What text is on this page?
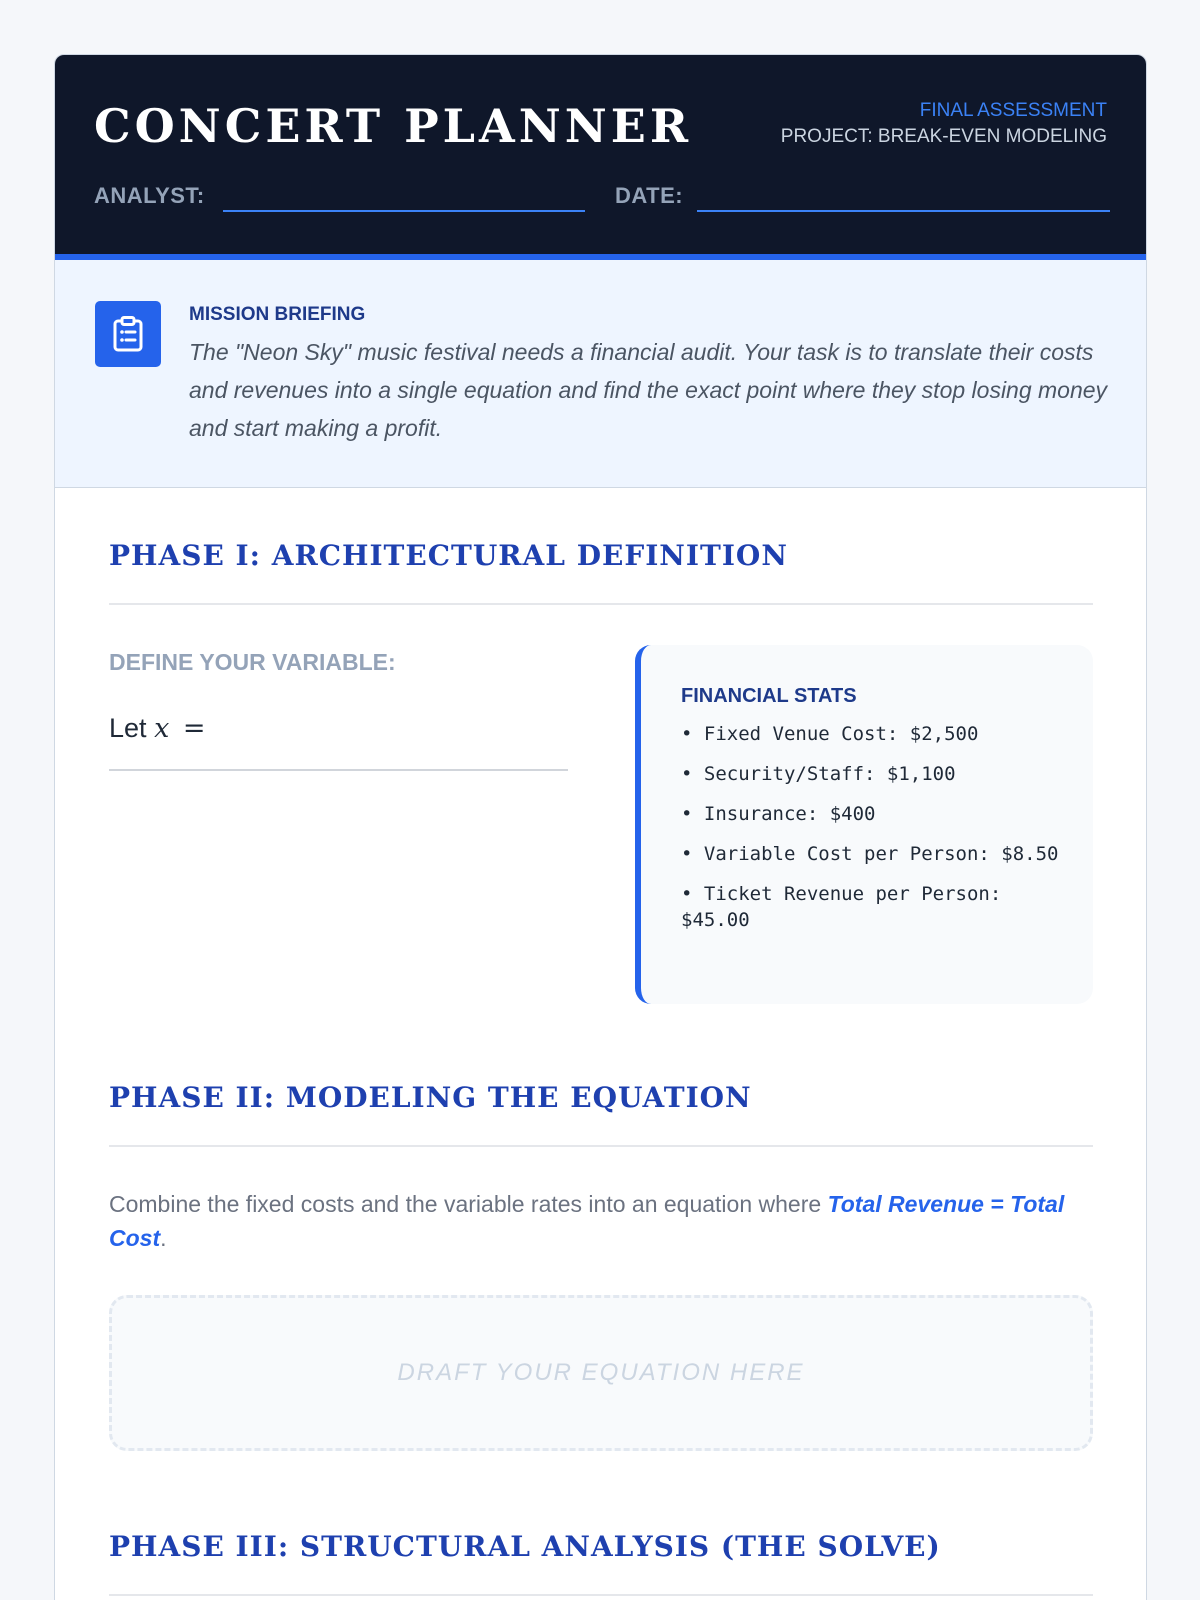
CONCERT PLANNER	FINAL ASSESSMENT
PROJECT: BREAK-EVEN MODELING
ANALYST:	DATE:
MISSION BRIEFING
The "Neon Sky" music festival needs a financial audit. Your task is to translate their costs and revenues into a single equation and find the exact point where they stop losing money and start making a profit.
PHASE I: ARCHITECTURAL DEFINITION
DEFINE YOUR VARIABLE:
Let x =
FINANCIAL STATS
• Fixed Venue Cost: $2,500
• Security/Staff: $1,100
• Insurance: $400
• Variable Cost per Person: $8.50
• Ticket Revenue per Person: $45.00
PHASE II: MODELING THE EQUATION
Combine the fixed costs and the variable rates into an equation where Total Revenue = Total Cost.
DRAFT YOUR EQUATION HERE
PHASE III: STRUCTURAL ANALYSIS (THE SOLVE)
